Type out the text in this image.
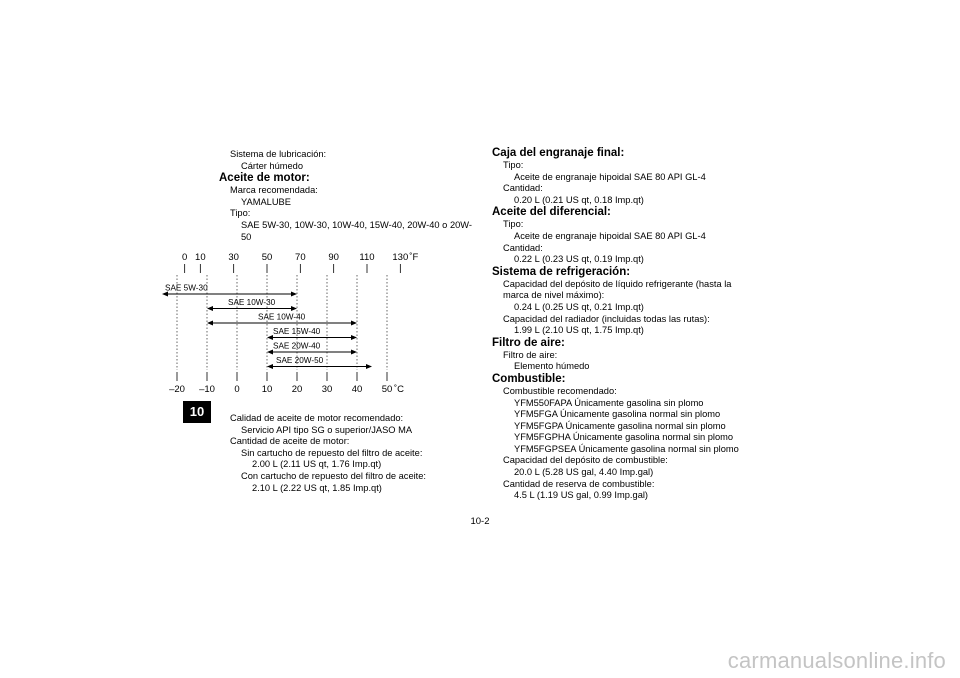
Sistema de lubricación:
Cárter húmedo
Aceite de motor:
Marca recomendada:
YAMALUBE
Tipo:
SAE 5W-30, 10W-30, 10W-40, 15W-40, 20W-40 o 20W-
50
0 10 30 50 70 90 110 130 ˚F
–20 –10 0 10 20 30 40 50 ˚C
SAE 5W-30
SAE 10W-30
SAE 10W-40
SAE 15W-40
SAE 20W-40
SAE 20W-50
Calidad de aceite de motor recomendado:
Servicio API tipo SG o superior/JASO MA
Cantidad de aceite de motor:
Sin cartucho de repuesto del filtro de aceite:
2.00 L (2.11 US qt, 1.76 Imp.qt)
Con cartucho de repuesto del filtro de aceite:
2.10 L (2.22 US qt, 1.85 Imp.qt)
Caja del engranaje final:
Tipo:
Aceite de engranaje hipoidal SAE 80 API GL-4
Cantidad:
0.20 L (0.21 US qt, 0.18 Imp.qt)
Aceite del diferencial:
Tipo:
Aceite de engranaje hipoidal SAE 80 API GL-4
Cantidad:
0.22 L (0.23 US qt, 0.19 Imp.qt)
Sistema de refrigeración:
Capacidad del depósito de líquido refrigerante (hasta la
marca de nivel máximo):
0.24 L (0.25 US qt, 0.21 Imp.qt)
Capacidad del radiador (incluidas todas las rutas):
1.99 L (2.10 US qt, 1.75 Imp.qt)
Filtro de aire:
Filtro de aire:
Elemento húmedo
Combustible:
Combustible recomendado:
YFM550FAPA Únicamente gasolina sin plomo
YFM5FGA Únicamente gasolina normal sin plomo
YFM5FGPA Únicamente gasolina normal sin plomo
YFM5FGPHA Únicamente gasolina normal sin plomo
YFM5FGPSEA Únicamente gasolina normal sin plomo
Capacidad del depósito de combustible:
20.0 L (5.28 US gal, 4.40 Imp.gal)
Cantidad de reserva de combustible:
4.5 L (1.19 US gal, 0.99 Imp.gal)
10
10-2
carmanualsonline.info
